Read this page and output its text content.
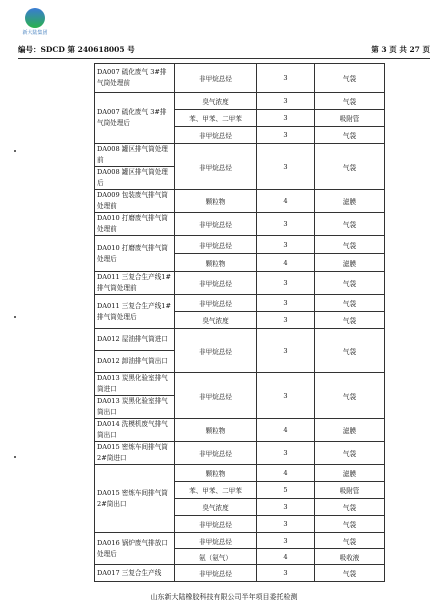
新大陆集团
编号：SDCD 第 240618005 号	第 3 页 共 27 页
DA007 硫化废气 3#排气筒处理前	非甲烷总烃	3	气袋
DA007 硫化废气 3#排气筒处理后	臭气浓度	3	气袋
	苯、甲苯、二甲苯	3	吸附管
	非甲烷总烃	3	气袋
DA008 罐区排气筒处理前	非甲烷总烃	3	气袋
DA008 罐区排气筒处理后			
DA009 包装废气排气筒处理前	颗粒物	4	滤膜
DA010 打磨废气排气筒处理前	非甲烷总烃	3	气袋
DA010 打磨废气排气筒处理后	非甲烷总烃	3	气袋
	颗粒物	4	滤膜
DA011 三复合生产线1#排气筒处理前	非甲烷总烃	3	气袋
DA011 三复合生产线1#排气筒处理后	非甲烷总烃	3	气袋
	臭气浓度	3	气袋
DA012 屋油排气筒进口	非甲烷总烃	3	气袋
DA012 卸油排气筒出口			
DA013 炭黑化验室排气筒进口	非甲烷总烃	3	气袋
DA013 炭黑化验室排气筒出口			
DA014 洗模机废气排气筒出口	颗粒物	4	滤膜
DA015 密炼车间排气筒 2#筒进口	非甲烷总烃	3	气袋
DA015 密炼车间排气筒 2#筒出口	颗粒物	4	滤膜
	苯、甲苯、二甲苯	5	吸附管
	臭气浓度	3	气袋
	非甲烷总烃	3	气袋
DA016 锅炉废气排放口处理后	非甲烷总烃	3	气袋
	氨（氨气）	4	吸收液
DA017 三复合生产线	非甲烷总烃	3	气袋
山东新大陆橡胶科技有限公司半年项目委托检测
